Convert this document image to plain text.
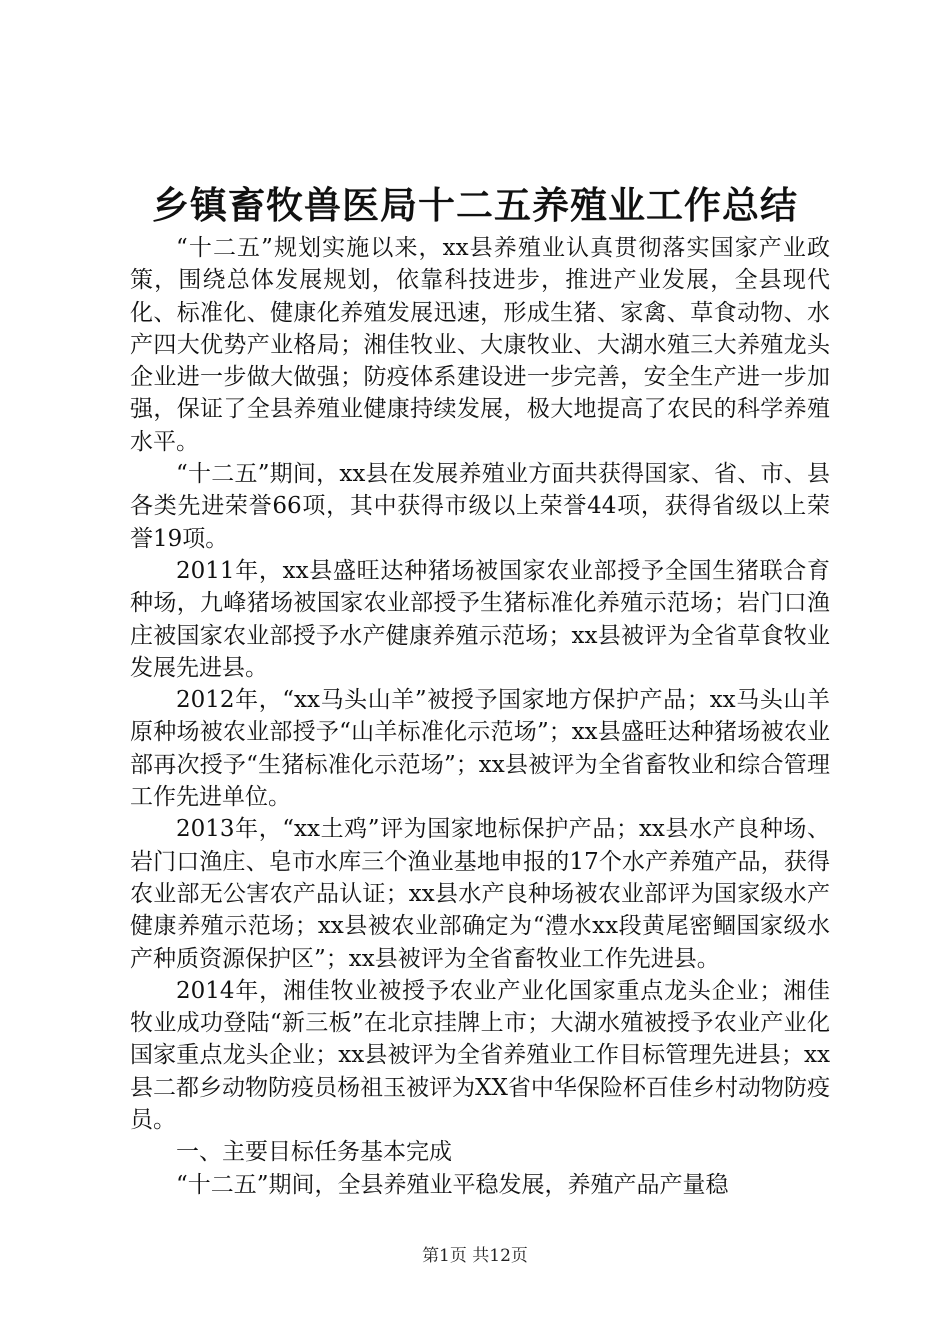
乡镇畜牧兽医局十二五养殖业工作总结

“十二五”规划实施以来，xx县养殖业认真贯彻落实国家产业政策，围绕总体发展规划，依靠科技进步，推进产业发展，全县现代化、标准化、健康化养殖发展迅速，形成生猪、家禽、草食动物、水产四大优势产业格局；湘佳牧业、大康牧业、大湖水殖三大养殖龙头企业进一步做大做强；防疫体系建设进一步完善，安全生产进一步加强，保证了全县养殖业健康持续发展，极大地提高了农民的科学养殖水平。

“十二五”期间，xx县在发展养殖业方面共获得国家、省、市、县各类先进荣誉66项，其中获得市级以上荣誉44项，获得省级以上荣誉19项。

2011年，xx县盛旺达种猪场被国家农业部授予全国生猪联合育种场，九峰猪场被国家农业部授予生猪标准化养殖示范场；岩门口渔庄被国家农业部授予水产健康养殖示范场；xx县被评为全省草食牧业发展先进县。

2012年，“xx马头山羊”被授予国家地方保护产品；xx马头山羊原种场被农业部授予“山羊标准化示范场”；xx县盛旺达种猪场被农业部再次授予“生猪标准化示范场”；xx县被评为全省畜牧业和综合管理工作先进单位。

2013年，“xx土鸡”评为国家地标保护产品；xx县水产良种场、岩门口渔庄、皂市水库三个渔业基地申报的17个水产养殖产品，获得农业部无公害农产品认证；xx县水产良种场被农业部评为国家级水产健康养殖示范场；xx县被农业部确定为“澧水xx段黄尾密鲴国家级水产种质资源保护区”；xx县被评为全省畜牧业工作先进县。

2014年，湘佳牧业被授予农业产业化国家重点龙头企业；湘佳牧业成功登陆“新三板”在北京挂牌上市；大湖水殖被授予农业产业化国家重点龙头企业；xx县被评为全省养殖业工作目标管理先进县；xx县二都乡动物防疫员杨祖玉被评为XX省中华保险杯百佳乡村动物防疫员。

一、主要目标任务基本完成

“十二五”期间，全县养殖业平稳发展，养殖产品产量稳

第1页 共12页
